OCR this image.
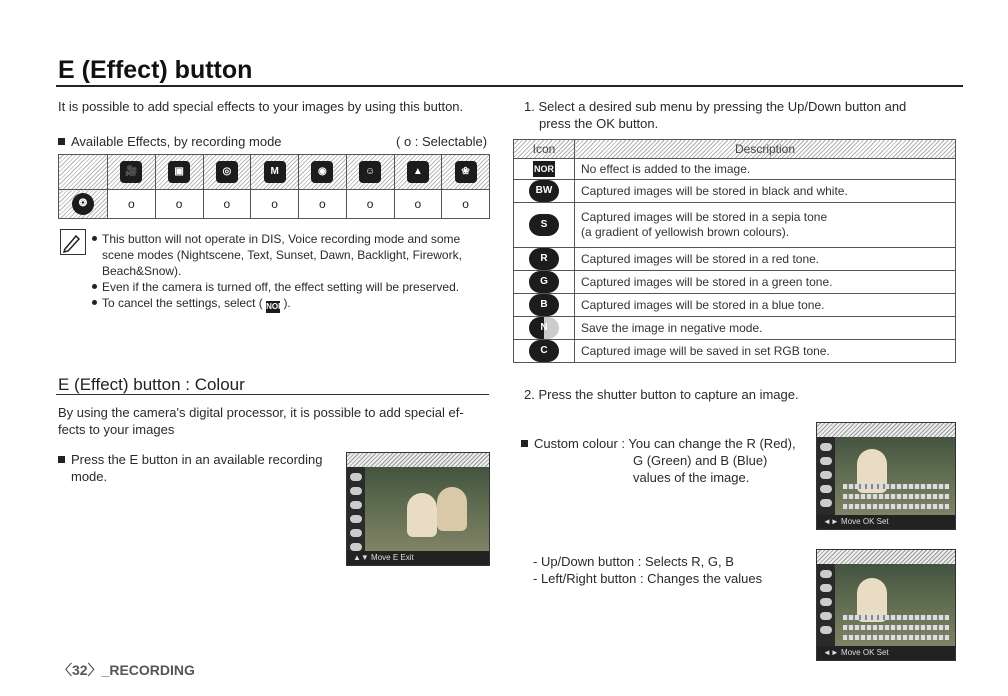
E (Effect) button
It is possible to add special effects to your images by using this button.
Available Effects, by recording mode	( o : Selectable)
	🎥	▣	◎	M	◉	☺	▲	❀
❂	o	o	o	o	o	o	o	o
This button will not operate in DIS, Voice recording mode and some
scene modes (Nightscene, Text, Sunset, Dawn, Backlight, Firework,
Beach&Snow).
Even if the camera is turned off, the effect setting will be preserved.
To cancel the settings, select ( NOR ).
1. Select a desired sub menu by pressing the Up/Down button and
press the OK button.
Icon	Description
NOR	No effect is added to the image.
BW	Captured images will be stored in black and white.
S	Captured images will be stored in a sepia tone
(a gradient of yellowish brown colours).

R	Captured images will be stored in a red tone.
G	Captured images will be stored in a green tone.
B	Captured images will be stored in a blue tone.
N	Save the image in negative mode.
C	Captured image will be saved in set RGB tone.
2. Press the shutter button to capture an image.
E (Effect) button : Colour
By using the camera's digital processor, it is possible to add special ef-
fects to your images
Press the E button in an available recording
mode.
▲▼ Move E Exit
Custom colour : You can change the R (Red),
G (Green) and B (Blue)
values of the image.
◄► Move OK Set
- Up/Down button : Selects R, G, B
- Left/Right button : Changes the values
◄► Move OK Set
〈32〉_RECORDING
